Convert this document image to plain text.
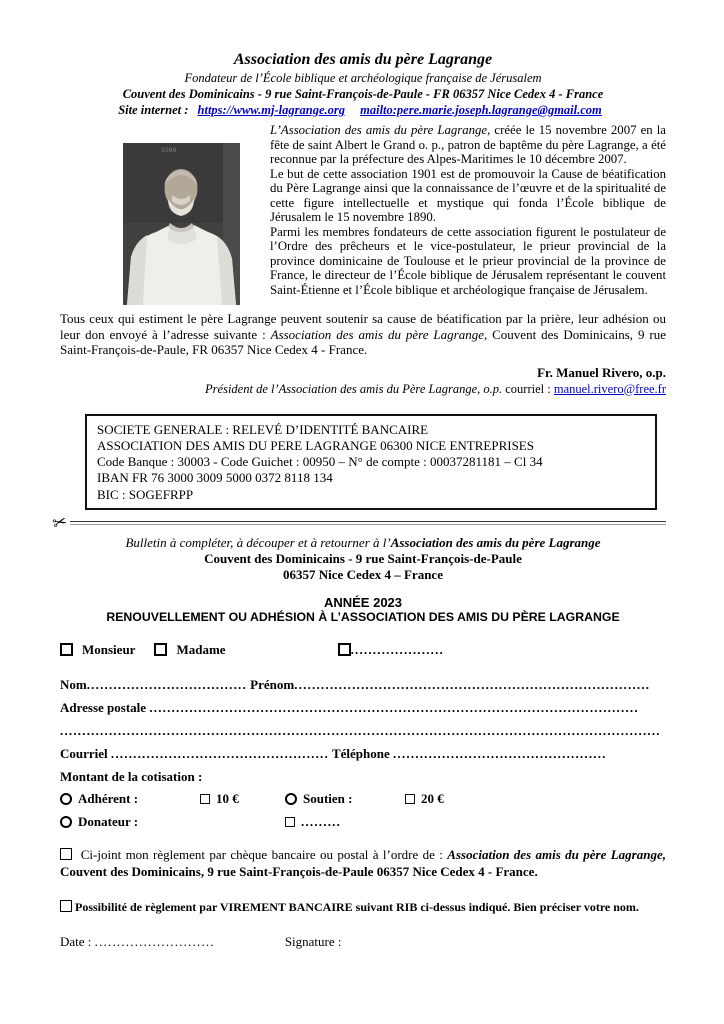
Association des amis du père Lagrange
Fondateur de l’École biblique et archéologique française de Jérusalem
Couvent des Dominicains - 9 rue Saint-François-de-Paule - FR 06357 Nice Cedex 4 - France
Site internet : https://www.mj-lagrange.org mailto:pere.marie.joseph.lagrange@gmail.com
5099

L’Association des amis du père Lagrange, créée le 15 novembre 2007 en la fête de saint Albert le Grand o. p., patron de baptême du père Lagrange, a été reconnue par la préfecture des Alpes-Maritimes le 10 décembre 2007.

Le but de cette association 1901 est de promouvoir la Cause de béatification du Père Lagrange ainsi que la connaissance de l’œuvre et de la spiritualité de cette figure intellectuelle et mystique qui fonda l’École biblique de Jérusalem le 15 novembre 1890.

Parmi les membres fondateurs de cette association figurent le postulateur de l’Ordre des prêcheurs et le vice-postulateur, le prieur provincial de la province dominicaine de Toulouse et le prieur provincial de la province de France, le directeur de l’École biblique de Jérusalem représentant le couvent Saint-Étienne et l’École biblique et archéologique française de Jérusalem.

Tous ceux qui estiment le père Lagrange peuvent soutenir sa cause de béatification par la prière, leur adhésion ou leur don envoyé à l’adresse suivante : Association des amis du père Lagrange, Couvent des Dominicains, 9 rue Saint-François-de-Paule, FR 06357 Nice Cedex 4 - France.

Fr. Manuel Rivero, o.p.
Président de l’Association des amis du Père Lagrange, o.p. courriel : manuel.rivero@free.fr
SOCIETE GENERALE : RELEVÉ D’IDENTITÉ BANCAIRE
ASSOCIATION DES AMIS DU PERE LAGRANGE 06300 NICE ENTREPRISES
Code Banque : 30003 - Code Guichet : 00950 – N° de compte : 00037281181 – Cl 34
IBAN FR 76 3000 3009 5000 0372 8118 134
BIC : SOGEFRPP
✂
Bulletin à compléter, à découper et à retourner à l’Association des amis du père Lagrange
Couvent des Dominicains - 9 rue Saint-François-de-Paule
06357 Nice Cedex 4 – France
ANNÉE 2023
RENOUVELLEMENT OU ADHÉSION À L’ASSOCIATION DES AMIS DU PÈRE LAGRANGE
Monsieur	Madame	.....................
Nom.................................... Prénom................................................................................
Adresse postale ..............................................................................................................
.......................................................................................................................................
Courriel ................................................. Téléphone ................................................
Montant de la cotisation :
Adhérent :	10 €	Soutien :	20 €
Donateur :	.........
Ci-joint mon règlement par chèque bancaire ou postal à l’ordre de : Association des amis du père Lagrange, Couvent des Dominicains, 9 rue Saint-François-de-Paule 06357 Nice Cedex 4 - France.
Possibilité de règlement par VIREMENT BANCAIRE suivant RIB ci-dessus indiqué. Bien préciser votre nom.
Date : ...........................	Signature :
